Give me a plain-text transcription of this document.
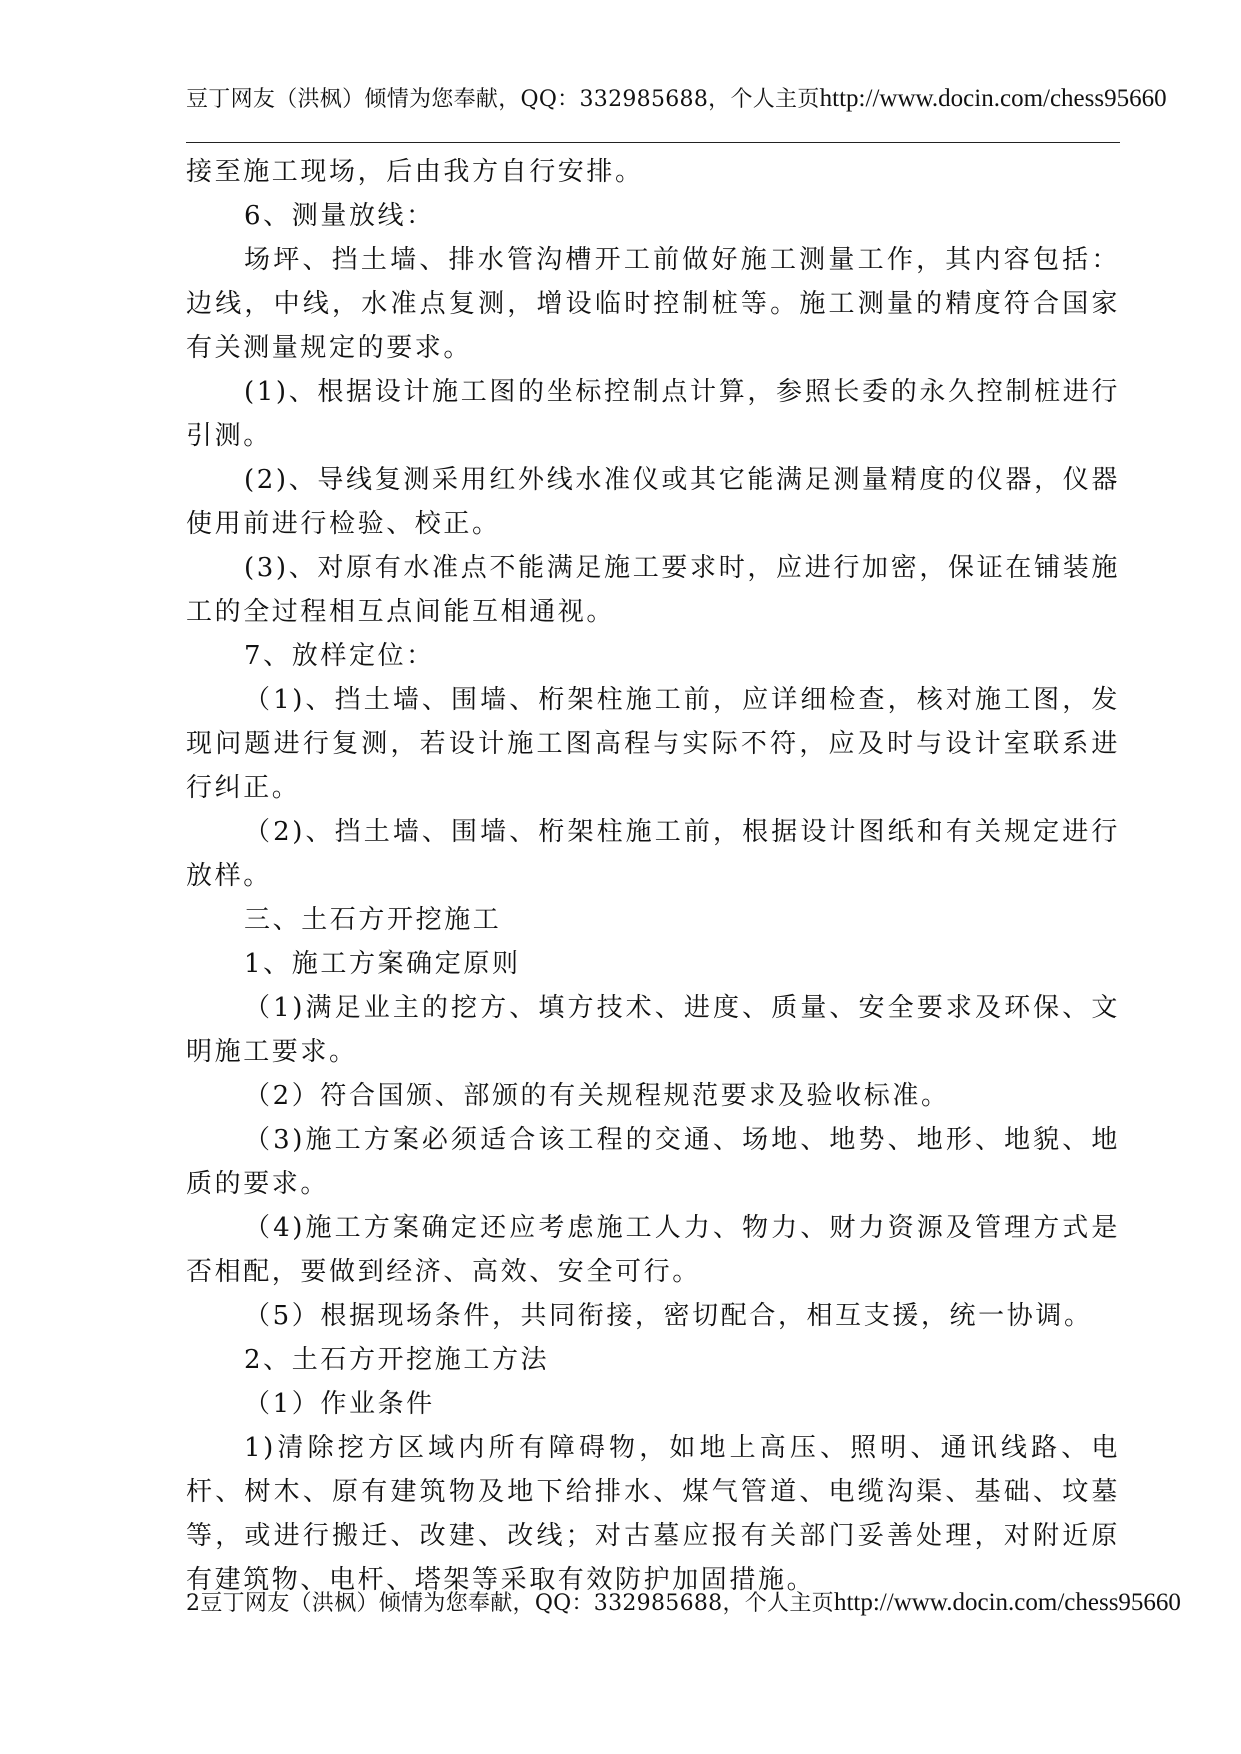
豆丁网友（洪枫）倾情为您奉献，QQ：332985688，个人主页http://www.docin.com/chess95660

接至施工现场，后由我方自行安排。

6、测量放线：

场坪、挡土墙、排水管沟槽开工前做好施工测量工作，其内容包括：边线，中线，水准点复测，增设临时控制桩等。施工测量的精度符合国家有关测量规定的要求。

(1)、根据设计施工图的坐标控制点计算，参照长委的永久控制桩进行引测。

(2)、导线复测采用红外线水准仪或其它能满足测量精度的仪器，仪器使用前进行检验、校正。

(3)、对原有水准点不能满足施工要求时，应进行加密，保证在铺装施工的全过程相互点间能互相通视。

7、放样定位：

（1)、挡土墙、围墙、桁架柱施工前，应详细检查，核对施工图，发现问题进行复测，若设计施工图高程与实际不符，应及时与设计室联系进行纠正。

（2)、挡土墙、围墙、桁架柱施工前，根据设计图纸和有关规定进行放样。

三、土石方开挖施工

1、施工方案确定原则

（1)满足业主的挖方、填方技术、进度、质量、安全要求及环保、文明施工要求。

（2）符合国颁、部颁的有关规程规范要求及验收标准。

（3)施工方案必须适合该工程的交通、场地、地势、地形、地貌、地质的要求。

（4)施工方案确定还应考虑施工人力、物力、财力资源及管理方式是否相配，要做到经济、高效、安全可行。

（5）根据现场条件，共同衔接，密切配合，相互支援，统一协调。

2、土石方开挖施工方法

（1）作业条件

1)清除挖方区域内所有障碍物，如地上高压、照明、通讯线路、电杆、树木、原有建筑物及地下给排水、煤气管道、电缆沟渠、基础、坟墓等，或进行搬迁、改建、改线；对古墓应报有关部门妥善处理，对附近原有建筑物、电杆、塔架等采取有效防护加固措施。

2豆丁网友（洪枫）倾情为您奉献，QQ：332985688，个人主页http://www.docin.com/chess95660
